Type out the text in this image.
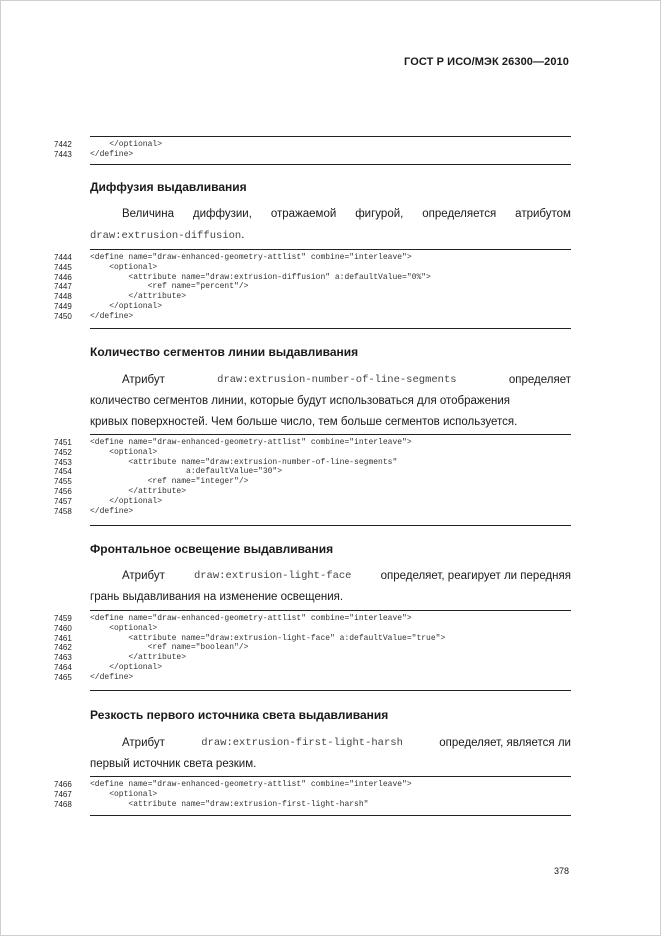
ГОСТ Р ИСО/МЭК 26300—2010
7442	</optional>
7443	</define>
Диффузия выдавливания
Величина диффузии, отражаемой фигурой, определяется атрибутом
draw:extrusion-diffusion.
7444	<define name="draw-enhanced-geometry-attlist" combine="interleave">
7445	<optional>
7446	<attribute name="draw:extrusion-diffusion" a:defaultValue="0%">
7447	<ref name="percent"/>
7448	</attribute>
7449	</optional>
7450	</define>
Количество сегментов линии выдавливания
Атрибут	draw:extrusion-number-of-line-segments	определяет
количество сегментов линии, которые будут использоваться для отображения
кривых поверхностей. Чем больше число, тем больше сегментов используется.
7451	<define name="draw-enhanced-geometry-attlist" combine="interleave">
7452	<optional>
7453	<attribute name="draw:extrusion-number-of-line-segments"
7454	a:defaultValue="30">
7455	<ref name="integer"/>
7456	</attribute>
7457	</optional>
7458	</define>
Фронтальное освещение выдавливания
Атрибут	draw:extrusion-light-face	определяет, реагирует ли передняя
грань выдавливания на изменение освещения.
7459	<define name="draw-enhanced-geometry-attlist" combine="interleave">
7460	<optional>
7461	<attribute name="draw:extrusion-light-face" a:defaultValue="true">
7462	<ref name="boolean"/>
7463	</attribute>
7464	</optional>
7465	</define>
Резкость первого источника света выдавливания
Атрибут	draw:extrusion-first-light-harsh	определяет, является ли
первый источник света резким.
7466	<define name="draw-enhanced-geometry-attlist" combine="interleave">
7467	<optional>
7468	<attribute name="draw:extrusion-first-light-harsh"
378
